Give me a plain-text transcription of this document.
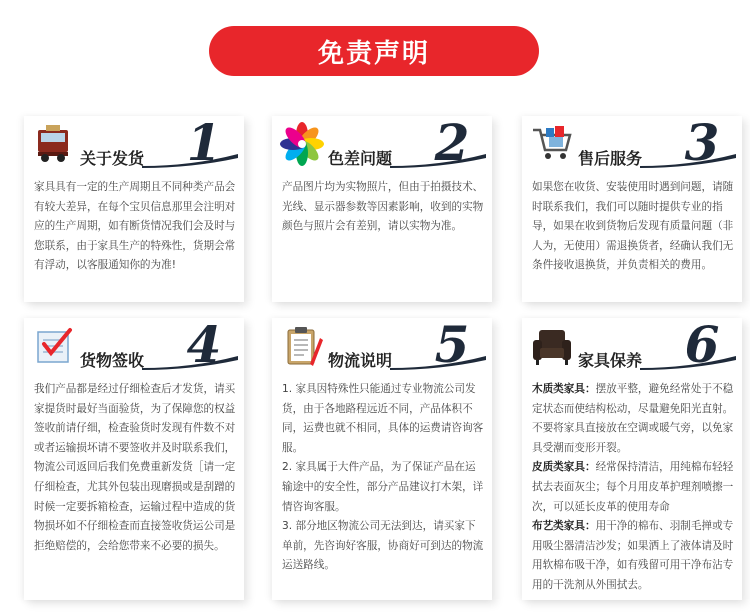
免责声明
关于发货 1

家具具有一定的生产周期且不同种类产品会有较大差异，在每个宝贝信息那里会注明对应的生产周期，如有断货情况我们会及时与您联系，由于家具生产的特殊性，货期会常有浮动，以客服通知你的为准!

色差问题 2

产品图片均为实物照片，但由于拍摄技术、光线、显示器参数等因素影响，收到的实物颜色与照片会有差别，请以实物为准。

售后服务 3

如果您在收货、安装使用时遇到问题，请随时联系我们，我们可以随时提供专业的指导，如果在收到货物后发现有质量问题（非人为，无使用）需退换货者，经确认我们无条件接收退换货，并负责相关的费用。

货物签收 4

我们产品都是经过仔细检查后才发货，请买家提货时最好当面验货，为了保障您的权益签收前请仔细，检查验货时发现有件数不对或者运输损坏请不要签收并及时联系我们，物流公司返回后我们免费重新发货［请一定仔细检查，尤其外包装出现磨损或是刮蹭的时候一定要拆箱检查，运输过程中造成的货物损坏如不仔细检查而直接签收货运公司是拒绝赔偿的，会给您带来不必要的损失。

物流说明 5

1. 家具因特殊性只能通过专业物流公司发货，由于各地路程远近不同，产品体积不同，运费也就不相同，具体的运费请咨询客服。

2. 家具属于大件产品，为了保证产品在运输途中的安全性，部分产品建议打木架，详情咨询客服。

3. 部分地区物流公司无法到达，请买家下单前，先咨询好客服，协商好可到达的物流运送路线。

家具保养 6

木质类家具：摆放平整，避免经常处于不稳定状态而使结构松动，尽量避免阳光直射。不要将家具直接放在空调或暖气旁，以免家具受潮而变形开裂。

皮质类家具：经常保持清洁，用纯棉布轻轻拭去表面灰尘；每个月用皮革护理剂喷擦一次，可以延长皮革的使用寿命

布艺类家具：用干净的棉布、羽制毛掸或专用吸尘器清洁沙发；如果洒上了液体请及时用软棉布吸干净，如有残留可用干净布沾专用的干洗剂从外围拭去。
